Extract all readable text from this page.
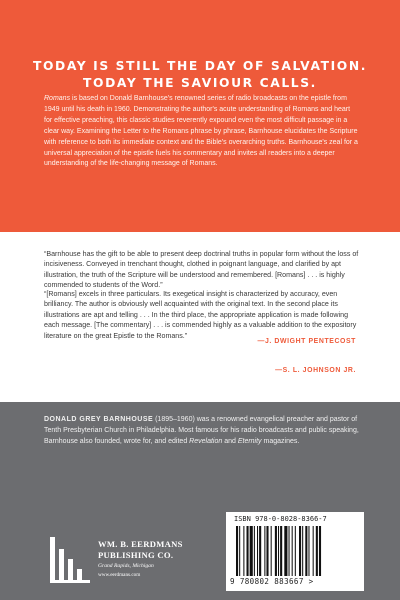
TODAY IS STILL THE DAY OF SALVATION.
TODAY THE SAVIOUR CALLS.

Romans is based on Donald Barnhouse's renowned series of radio broadcasts on the epistle from 1949 until his death in 1960. Demonstrating the author's acute understanding of Romans and heart for effective preaching, this classic studies reverently expound even the most difficult passage in a clear way. Examining the Letter to the Romans phrase by phrase, Barnhouse elucidates the Scripture with reference to both its immediate context and the Bible's overarching truths. Barnhouse's zeal for a universal appreciation of the epistle fuels his commentary and invites all readers into a deeper understanding of the life-changing message of Romans.

“Barnhouse has the gift to be able to present deep doctrinal truths in popular form without the loss of incisiveness. Conveyed in trenchant thought, clothed in poignant language, and clarified by apt illustration, the truth of the Scripture will be understood and remembered. [Romans] . . . is highly commended to students of the Word.”

—J. DWIGHT PENTECOST

“[Romans] excels in three particulars. Its exegetical insight is characterized by accuracy, even brilliancy. The author is obviously well acquainted with the original text. In the second place its illustrations are apt and telling . . . In the third place, the appropriate application is made following each message. [The commentary] . . . is commended highly as a valuable addition to the expository literature on the great Epistle to the Romans.”

—S. L. JOHNSON JR.

DONALD GREY BARNHOUSE (1895–1960) was a renowned evangelical preacher and pastor of Tenth Presbyterian Church in Philadelphia. Most famous for his radio broadcasts and public speaking, Barnhouse also founded, wrote for, and edited Revelation and Eternity magazines.

WM. B. EERDMANS
PUBLISHING CO.
Grand Rapids, Michigan
www.eerdmans.com
ISBN 978-0-8028-8366-7
9 780802 883667 >
